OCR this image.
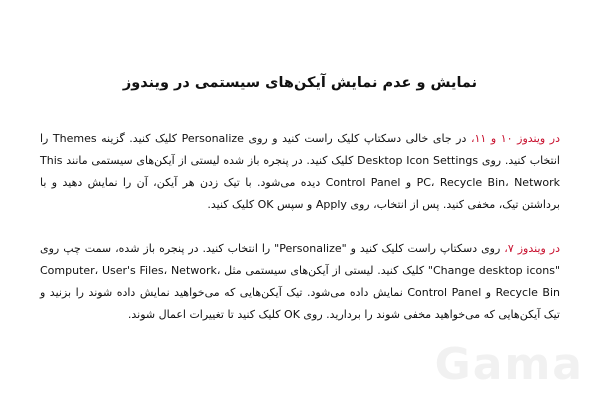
نمایش و عدم نمایش آیکن‌های سیستمی در ویندوز
در ویندوز ۱۰ و ۱۱، در جای خالی دسکتاپ کلیک راست کنید و روی Personalize کلیک کنید. گزینه Themes را انتخاب کنید. روی Desktop Icon Settings کلیک کنید. در پنجره باز شده لیستی از آیکن‌های سیستمی مانند This PC، Recycle Bin، Network و Control Panel دیده می‌شود. با تیک زدن هر آیکن، آن را نمایش دهید و با برداشتن تیک، مخفی کنید. پس از انتخاب، روی Apply و سپس OK کلیک کنید.
در ویندوز ۷، روی دسکتاپ راست کلیک کنید و "Personalize" را انتخاب کنید. در پنجره باز شده، سمت چپ روی "Change desktop icons" کلیک کنید. لیستی از آیکن‌های سیستمی مثل Computer، User's Files، Network، Recycle Bin و Control Panel نمایش داده می‌شود. تیک آیکن‌هایی که می‌خواهید نمایش داده شوند را بزنید و تیک آیکن‌هایی که می‌خواهید مخفی شوند را بردارید. روی OK کلیک کنید تا تغییرات اعمال شوند.
Gama
